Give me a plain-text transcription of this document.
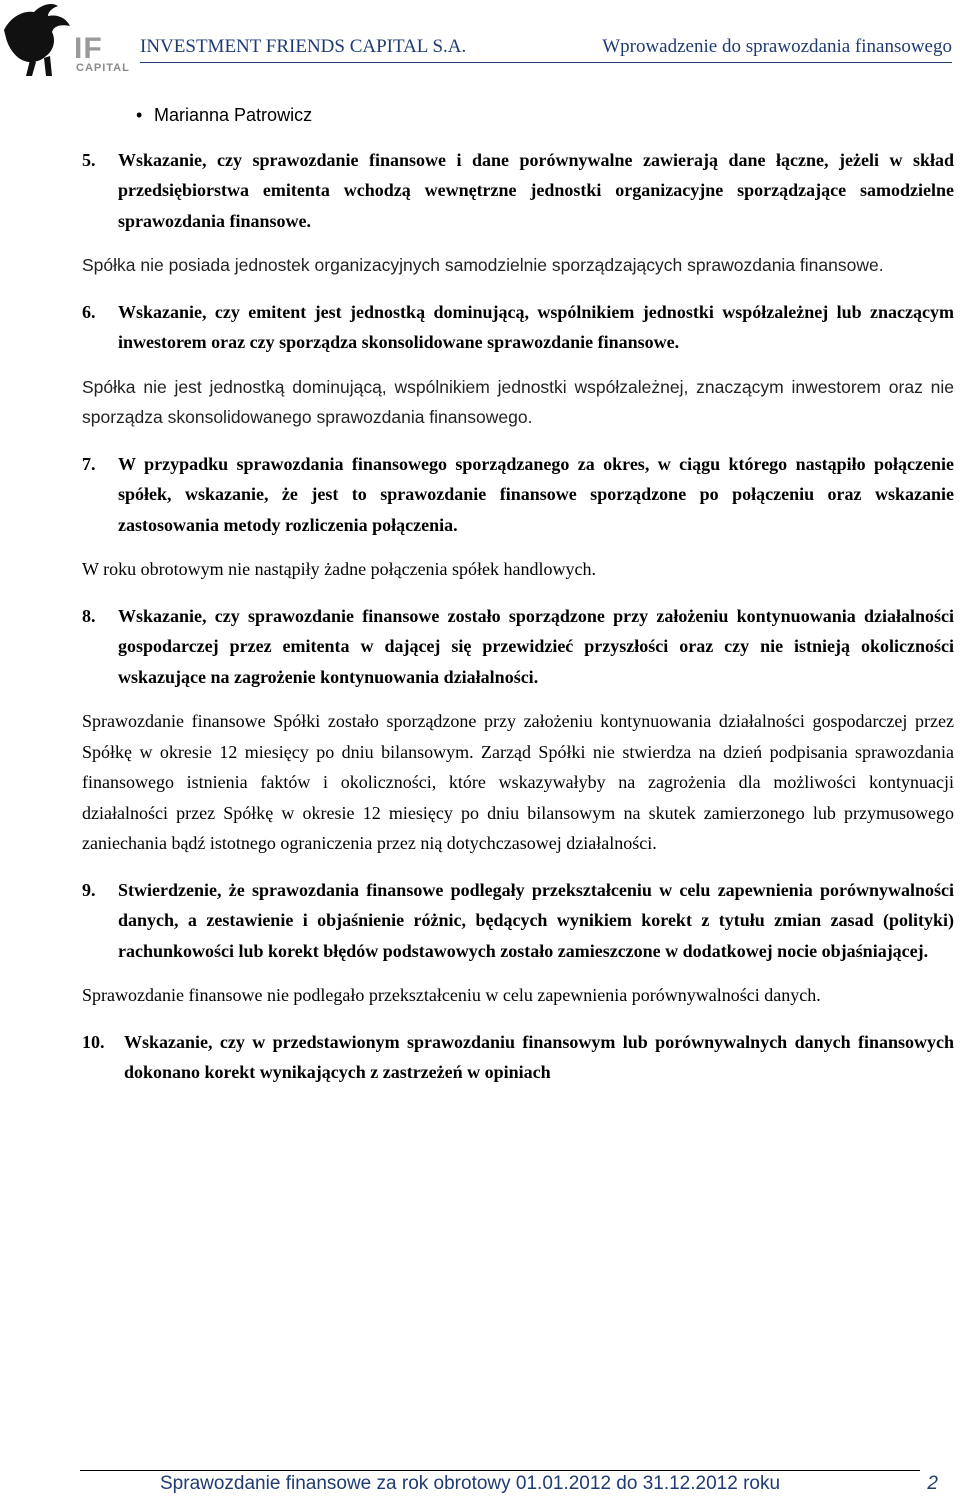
IF
CAPITAL
INVESTMENT FRIENDS CAPITAL S.A.	Wprowadzenie do sprawozdania finansowego
• Marianna Patrowicz
5.	Wskazanie, czy sprawozdanie finansowe i dane porównywalne zawierają dane łączne, jeżeli w skład przedsiębiorstwa emitenta wchodzą wewnętrzne jednostki organizacyjne sporządzające samodzielne sprawozdania finansowe.

Spółka nie posiada jednostek organizacyjnych samodzielnie sporządzających sprawozdania finansowe.

6.	Wskazanie, czy emitent jest jednostką dominującą, wspólnikiem jednostki współzależnej lub znaczącym inwestorem oraz czy sporządza skonsolidowane sprawozdanie finansowe.

Spółka nie jest jednostką dominującą, wspólnikiem jednostki współzależnej, znaczącym inwestorem oraz nie sporządza skonsolidowanego sprawozdania finansowego.

7.	W przypadku sprawozdania finansowego sporządzanego za okres, w ciągu którego nastąpiło połączenie spółek, wskazanie, że jest to sprawozdanie finansowe sporządzone po połączeniu oraz wskazanie zastosowania metody rozliczenia połączenia.

W roku obrotowym nie nastąpiły żadne połączenia spółek handlowych.

8.	Wskazanie, czy sprawozdanie finansowe zostało sporządzone przy założeniu kontynuowania działalności gospodarczej przez emitenta w dającej się przewidzieć przyszłości oraz czy nie istnieją okoliczności wskazujące na zagrożenie kontynuowania działalności.

Sprawozdanie finansowe Spółki zostało sporządzone przy założeniu kontynuowania działalności gospodarczej przez Spółkę w okresie 12 miesięcy po dniu bilansowym. Zarząd Spółki nie stwierdza na dzień podpisania sprawozdania finansowego istnienia faktów i okoliczności, które wskazywałyby na zagrożenia dla możliwości kontynuacji działalności przez Spółkę w okresie 12 miesięcy po dniu bilansowym na skutek zamierzonego lub przymusowego zaniechania bądź istotnego ograniczenia przez nią dotychczasowej działalności.

9.	Stwierdzenie, że sprawozdania finansowe podlegały przekształceniu w celu zapewnienia porównywalności danych, a zestawienie i objaśnienie różnic, będących wynikiem korekt z tytułu zmian zasad (polityki) rachunkowości lub korekt błędów podstawowych zostało zamieszczone w dodatkowej nocie objaśniającej.

Sprawozdanie finansowe nie podlegało przekształceniu w celu zapewnienia porównywalności danych.

10.	Wskazanie, czy w przedstawionym sprawozdaniu finansowym lub porównywalnych danych finansowych dokonano korekt wynikających z zastrzeżeń w opiniach
Sprawozdanie finansowe za rok obrotowy 01.01.2012 do 31.12.2012 roku	2
